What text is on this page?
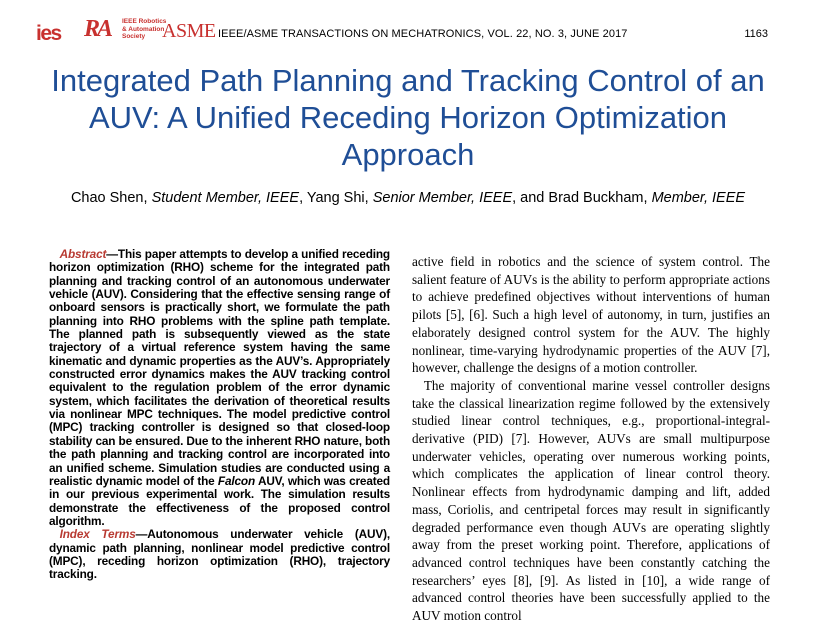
ies RA IEEE Robotics
& Automation
Society ASME IEEE/ASME TRANSACTIONS ON MECHATRONICS, VOL. 22, NO. 3, JUNE 2017	1163
Integrated Path Planning and Tracking Control of an AUV: A Unified Receding Horizon Optimization Approach
Chao Shen, Student Member, IEEE, Yang Shi, Senior Member, IEEE, and Brad Buckham, Member, IEEE

Abstract—This paper attempts to develop a unified receding horizon optimization (RHO) scheme for the integrated path planning and tracking control of an autonomous underwater vehicle (AUV). Considering that the effective sensing range of onboard sensors is practically short, we formulate the path planning into RHO problems with the spline path template. The planned path is subsequently viewed as the state trajectory of a virtual reference system having the same kinematic and dynamic properties as the AUV’s. Appropriately constructed error dynamics makes the AUV tracking control equivalent to the regulation problem of the error dynamic system, which facilitates the derivation of theoretical results via nonlinear MPC techniques. The model predictive control (MPC) tracking controller is designed so that closed-loop stability can be ensured. Due to the inherent RHO nature, both the path planning and tracking control are incorporated into an unified scheme. Simulation studies are conducted using a realistic dynamic model of the Falcon AUV, which was created in our previous experimental work. The simulation results demonstrate the effectiveness of the proposed control algorithm.

Index Terms—Autonomous underwater vehicle (AUV), dynamic path planning, nonlinear model predictive control (MPC), receding horizon optimization (RHO), trajectory tracking.

active field in robotics and the science of system control. The salient feature of AUVs is the ability to perform appropriate actions to achieve predefined objectives without interventions of human pilots [5], [6]. Such a high level of autonomy, in turn, justifies an elaborately designed control system for the AUV. The highly nonlinear, time-varying hydrodynamic properties of the AUV [7], however, challenge the designs of a motion controller.

The majority of conventional marine vessel controller designs take the classical linearization regime followed by the extensively studied linear control techniques, e.g., proportional-integral-derivative (PID) [7]. However, AUVs are small multipurpose underwater vehicles, operating over numerous working points, which complicates the application of linear control theory. Nonlinear effects from hydrodynamic damping and lift, added mass, Coriolis, and centripetal forces may result in significantly degraded performance even though AUVs are operating slightly away from the preset working point. Therefore, applications of advanced control techniques have been constantly catching the researchers’ eyes [8], [9]. As listed in [10], a wide range of advanced control theories have been successfully applied to the AUV motion control
